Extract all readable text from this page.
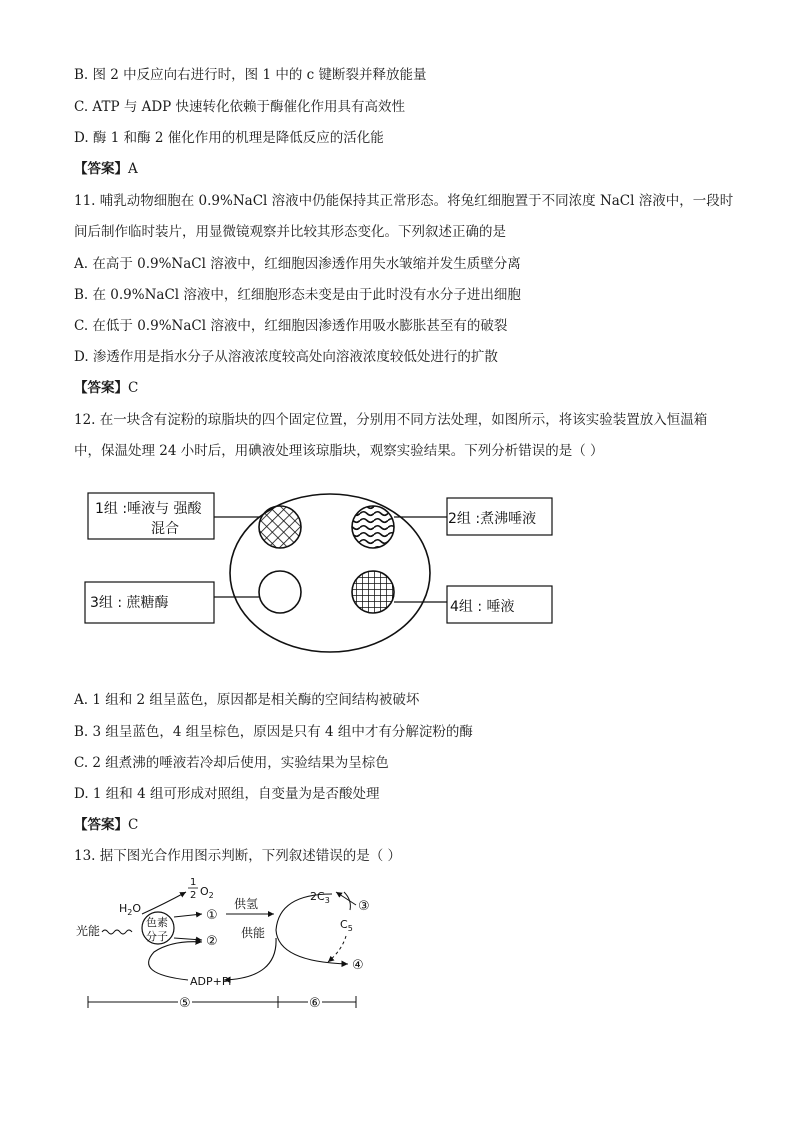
B. 图 2 中反应向右进行时，图 1 中的 c 键断裂并释放能量
C. ATP 与 ADP 快速转化依赖于酶催化作用具有高效性
D. 酶 1 和酶 2 催化作用的机理是降低反应的活化能
【答案】A
11. 哺乳动物细胞在 0.9%NaCl 溶液中仍能保持其正常形态。将兔红细胞置于不同浓度 NaCl 溶液中，一段时
间后制作临时装片，用显微镜观察并比较其形态变化。下列叙述正确的是
A. 在高于 0.9%NaCl 溶液中，红细胞因渗透作用失水皱缩并发生质壁分离
B. 在 0.9%NaCl 溶液中，红细胞形态未变是由于此时没有水分子进出细胞
C. 在低于 0.9%NaCl 溶液中，红细胞因渗透作用吸水膨胀甚至有的破裂
D. 渗透作用是指水分子从溶液浓度较高处向溶液浓度较低处进行的扩散
【答案】C
12. 在一块含有淀粉的琼脂块的四个固定位置，分别用不同方法处理，如图所示，将该实验装置放入恒温箱
中，保温处理 24 小时后，用碘液处理该琼脂块，观察实验结果。下列分析错误的是（ ）
1组 :唾液与 强酸
混合
2组 :煮沸唾液
3组 : 蔗糖酶	4组 : 唾液
A. 1 组和 2 组呈蓝色，原因都是相关酶的空间结构被破坏
B. 3 组呈蓝色，4 组呈棕色，原因是只有 4 组中才有分解淀粉的酶
C. 2 组煮沸的唾液若冷却后使用，实验结果为呈棕色
D. 1 组和 4 组可形成对照组，自变量为是否酸处理
【答案】C
13. 据下图光合作用图示判断，下列叙述错误的是（ ）
1
2 $O_2$
$H_2O$
色素
分子
光能
①
②
供氢
供能
$2C_3$
$C_5$
③
④
ADP+Pi
⑤	⑥
